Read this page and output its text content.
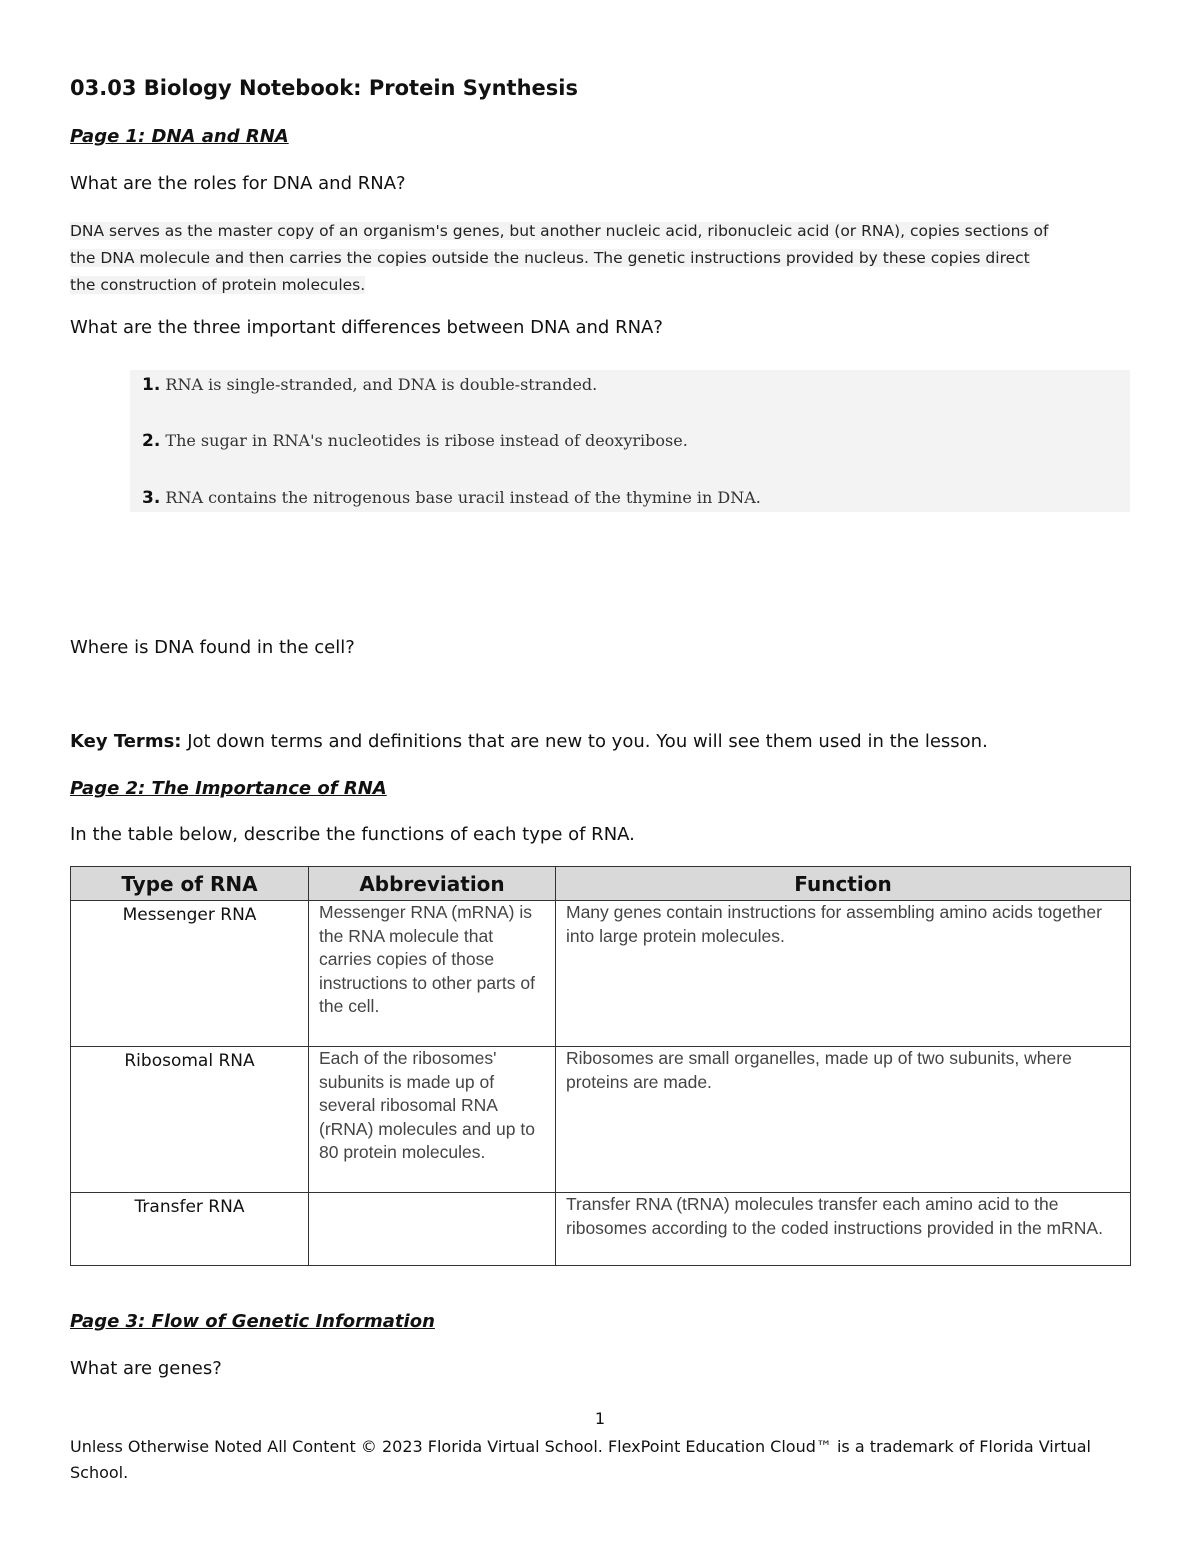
03.03 Biology Notebook: Protein Synthesis
Page 1: DNA and RNA
What are the roles for DNA and RNA?
DNA serves as the master copy of an organism's genes, but another nucleic acid, ribonucleic acid (or RNA), copies sections of
the DNA molecule and then carries the copies outside the nucleus. The genetic instructions provided by these copies direct
the construction of protein molecules.
What are the three important differences between DNA and RNA?
1. RNA is single-stranded, and DNA is double-stranded.
2. The sugar in RNA's nucleotides is ribose instead of deoxyribose.
3. RNA contains the nitrogenous base uracil instead of the thymine in DNA.
Where is DNA found in the cell?
Key Terms: Jot down terms and definitions that are new to you. You will see them used in the lesson.
Page 2: The Importance of RNA
In the table below, describe the functions of each type of RNA.
Type of RNA	Abbreviation	Function
Messenger RNA	Messenger RNA (mRNA) is the RNA molecule that carries copies of those instructions to other parts of the cell.	Many genes contain instructions for assembling amino acids together into large protein molecules.
Ribosomal RNA	Each of the ribosomes' subunits is made up of several ribosomal RNA (rRNA) molecules and up to 80 protein molecules.	Ribosomes are small organelles, made up of two subunits, where proteins are made.
Transfer RNA		Transfer RNA (tRNA) molecules transfer each amino acid to the ribosomes according to the coded instructions provided in the mRNA.
Page 3: Flow of Genetic Information
What are genes?
1
Unless Otherwise Noted All Content © 2023 Florida Virtual School. FlexPoint Education Cloud™ is a trademark of Florida Virtual School.
